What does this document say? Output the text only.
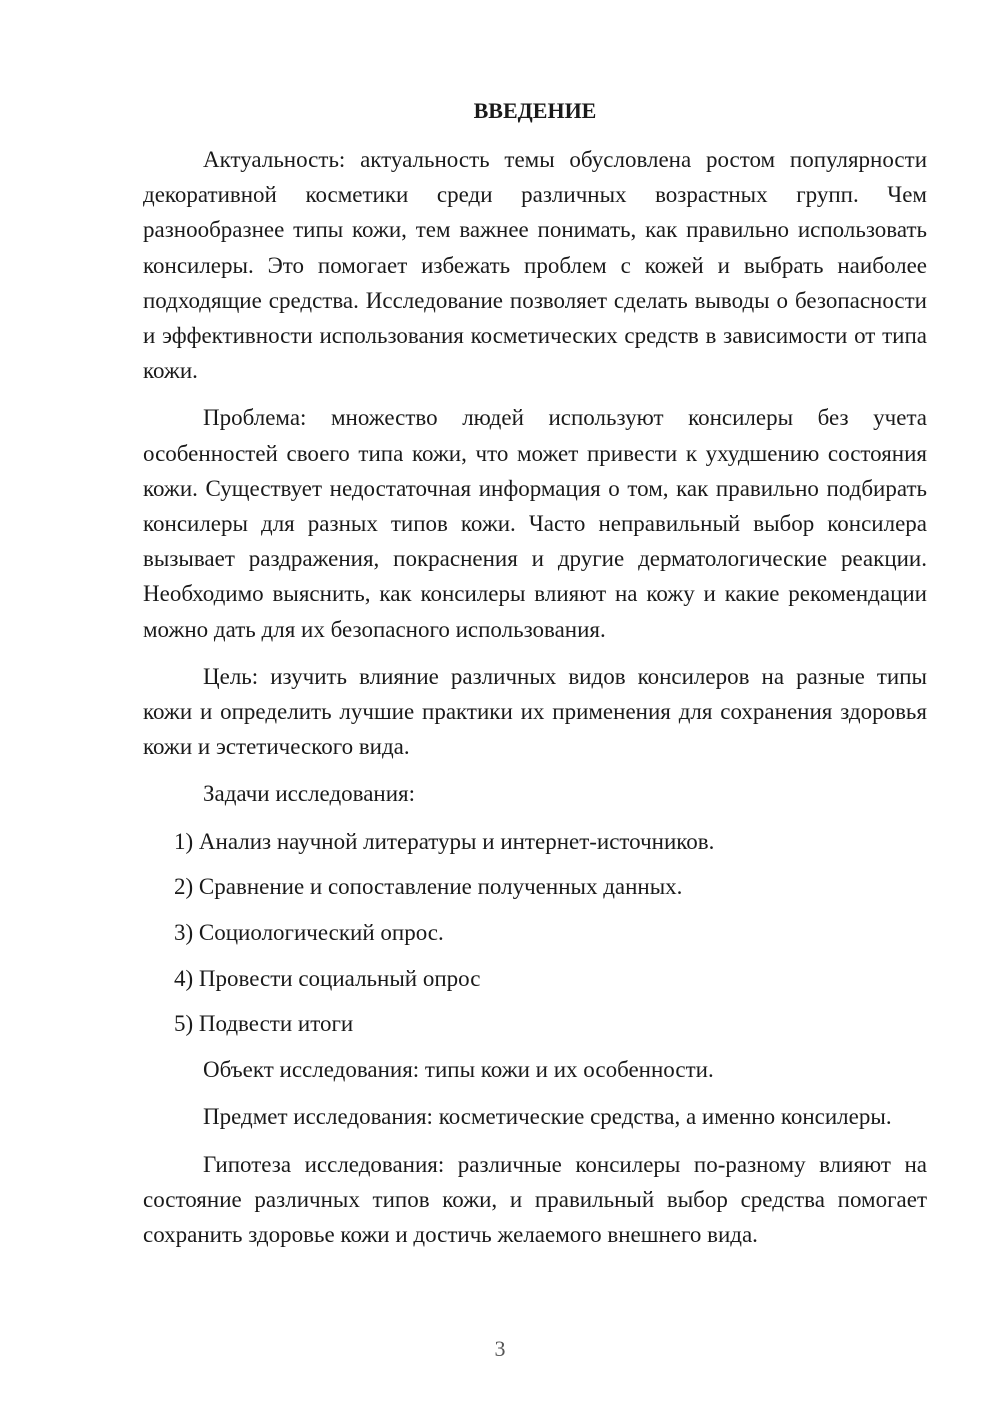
ВВЕДЕНИЕ

Актуальность: актуальность темы обусловлена ростом популярности декоративной косметики среди различных возрастных групп. Чем разнообразнее типы кожи, тем важнее понимать, как правильно использовать консилеры. Это помогает избежать проблем с кожей и выбрать наиболее подходящие средства. Исследование позволяет сделать выводы о безопасности и эффективности использования косметических средств в зависимости от типа кожи.

Проблема: множество людей используют консилеры без учета особенностей своего типа кожи, что может привести к ухудшению состояния кожи. Существует недостаточная информация о том, как правильно подбирать консилеры для разных типов кожи. Часто неправильный выбор консилера вызывает раздражения, покраснения и другие дерматологические реакции. Необходимо выяснить, как консилеры влияют на кожу и какие рекомендации можно дать для их безопасного использования.

Цель: изучить влияние различных видов консилеров на разные типы кожи и определить лучшие практики их применения для сохранения здоровья кожи и эстетического вида.

Задачи исследования:

1) Анализ научной литературы и интернет-источников.
2) Сравнение и сопоставление полученных данных.
3) Социологический опрос.
4) Провести социальный опрос
5) Подвести итоги

Объект исследования: типы кожи и их особенности.

Предмет исследования: косметические средства, а именно консилеры.

Гипотеза исследования: различные консилеры по-разному влияют на состояние различных типов кожи, и правильный выбор средства помогает сохранить здоровье кожи и достичь желаемого внешнего вида.

3
